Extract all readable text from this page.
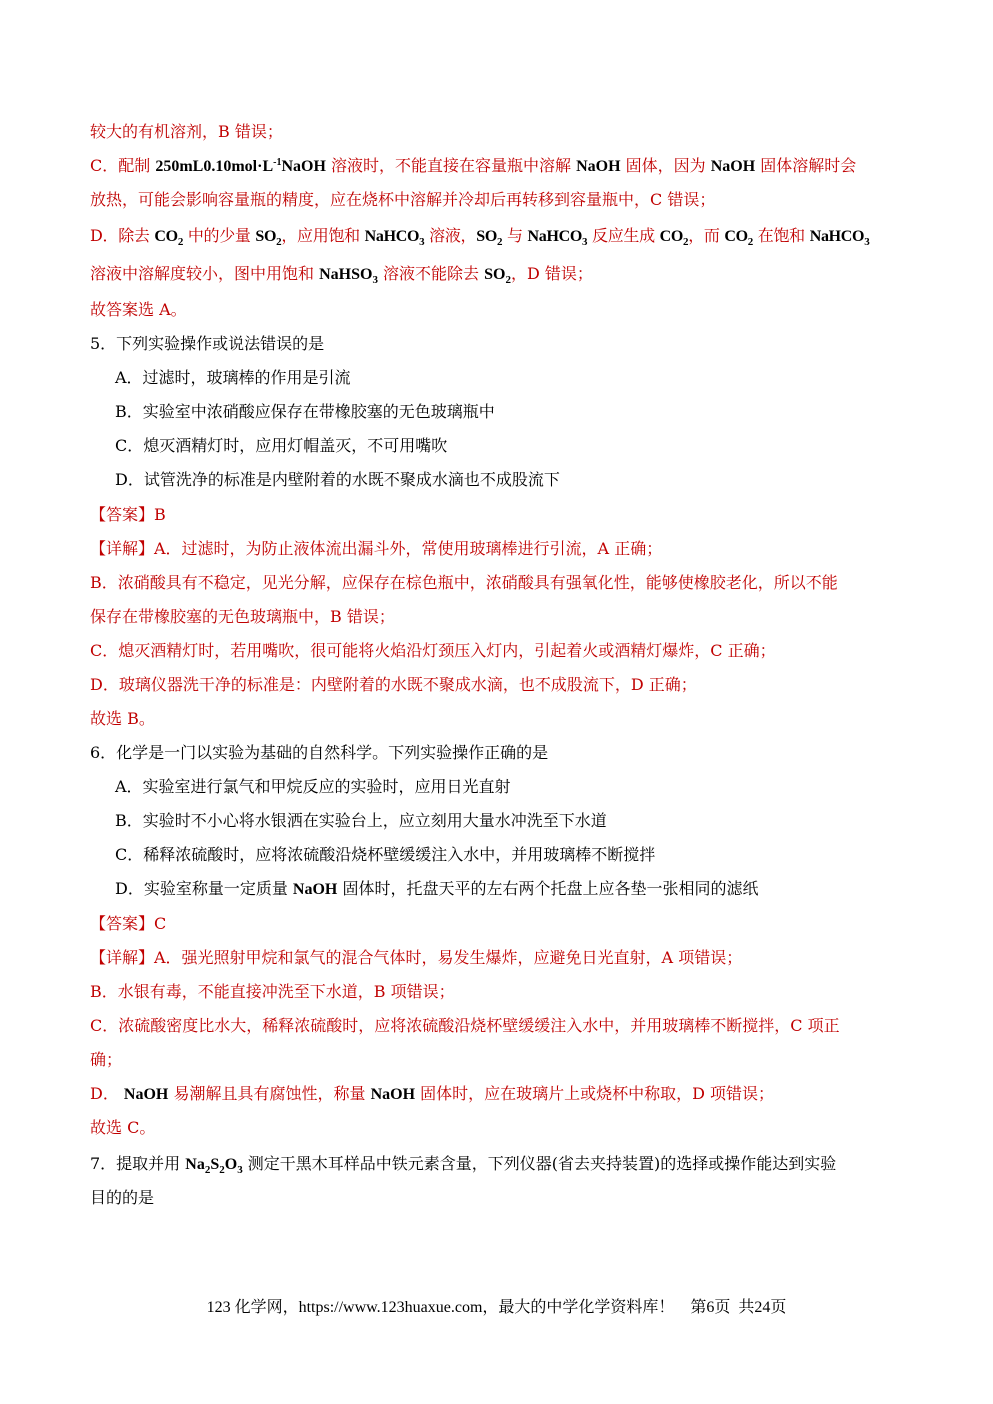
较大的有机溶剂，B 错误；
C．配制 $250mL0.10mol\cdot L^{-1}NaOH$ 溶液时，不能直接在容量瓶中溶解 NaOH 固体，因为 NaOH 固体溶解时会
放热，可能会影响容量瓶的精度，应在烧杯中溶解并冷却后再转移到容量瓶中，C 错误；
D．除去 $CO_2$ 中的少量 $SO_2$，应用饱和 NaHCO$_3$ 溶液，$SO_2$ 与 NaHCO$_3$ 反应生成 $CO_2$，而 $CO_2$ 在饱和 NaHCO$_3$
溶液中溶解度较小，图中用饱和 NaHSO$_3$ 溶液不能除去 $SO_2$，D 错误；
故答案选 A。
5．下列实验操作或说法错误的是
A．过滤时，玻璃棒的作用是引流
B．实验室中浓硝酸应保存在带橡胶塞的无色玻璃瓶中
C．熄灭酒精灯时，应用灯帽盖灭，不可用嘴吹
D．试管洗净的标准是内壁附着的水既不聚成水滴也不成股流下
【答案】B
【详解】A．过滤时，为防止液体流出漏斗外，常使用玻璃棒进行引流，A 正确；
B．浓硝酸具有不稳定，见光分解，应保存在棕色瓶中，浓硝酸具有强氧化性，能够使橡胶老化，所以不能
保存在带橡胶塞的无色玻璃瓶中，B 错误；
C．熄灭酒精灯时，若用嘴吹，很可能将火焰沿灯颈压入灯内，引起着火或酒精灯爆炸，C 正确；
D．玻璃仪器洗干净的标准是：内壁附着的水既不聚成水滴，也不成股流下，D 正确；
故选 B。
6．化学是一门以实验为基础的自然科学。下列实验操作正确的是
A．实验室进行氯气和甲烷反应的实验时，应用日光直射
B．实验时不小心将水银洒在实验台上，应立刻用大量水冲洗至下水道
C．稀释浓硫酸时，应将浓硫酸沿烧杯壁缓缓注入水中，并用玻璃棒不断搅拌
D．实验室称量一定质量 NaOH 固体时，托盘天平的左右两个托盘上应各垫一张相同的滤纸
【答案】C
【详解】A．强光照射甲烷和氯气的混合气体时，易发生爆炸，应避免日光直射，A 项错误；
B．水银有毒，不能直接冲洗至下水道，B 项错误；
C．浓硫酸密度比水大，稀释浓硫酸时，应将浓硫酸沿烧杯壁缓缓注入水中，并用玻璃棒不断搅拌，C 项正
确；
D． NaOH 易潮解且具有腐蚀性，称量 NaOH 固体时，应在玻璃片上或烧杯中称取，D 项错误；
故选 C。
7．提取并用 $Na_2S_2O_3$ 测定干黑木耳样品中铁元素含量，下列仪器(省去夹持装置)的选择或操作能达到实验
目的的是
123 化学网，https://www.123huaxue.com，最大的中学化学资料库！    第6页  共24页
